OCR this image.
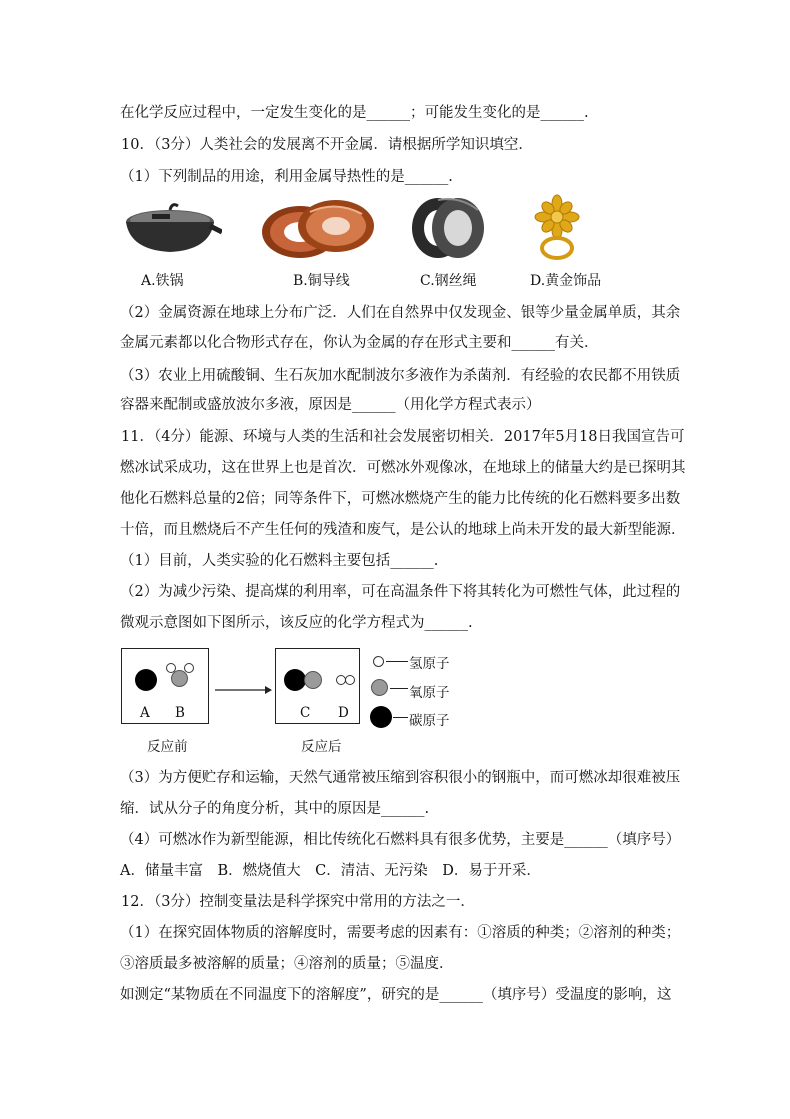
在化学反应过程中，一定发生变化的是______；可能发生变化的是______.
10．（3分）人类社会的发展离不开金属．请根据所学知识填空．
（1）下列制品的用途，利用金属导热性的是______.
A.铁锅	B.铜导线	C.钢丝绳	D.黄金饰品
（2）金属资源在地球上分布广泛．人们在自然界中仅发现金、银等少量金属单质，其余
金属元素都以化合物形式存在，你认为金属的存在形式主要和______有关．
（3）农业上用硫酸铜、生石灰加水配制波尔多液作为杀菌剂．有经验的农民都不用铁质
容器来配制或盛放波尔多液，原因是______（用化学方程式表示）
11．（4分）能源、环境与人类的生活和社会发展密切相关．2017年5月18日我国宣告可
燃冰试采成功，这在世界上也是首次．可燃冰外观像冰，在地球上的储量大约是已探明其
他化石燃料总量的2倍；同等条件下，可燃冰燃烧产生的能力比传统的化石燃料要多出数
十倍，而且燃烧后不产生任何的残渣和废气，是公认的地球上尚未开发的最大新型能源．
（1）目前，人类实验的化石燃料主要包括______.
（2）为减少污染、提高煤的利用率，可在高温条件下将其转化为可燃性气体，此过程的
微观示意图如下图所示，该反应的化学方程式为______.
A B	C D
反应前	反应后
氢原子
氧原子
碳原子
（3）为方便贮存和运输，天然气通常被压缩到容积很小的钢瓶中，而可燃冰却很难被压
缩．试从分子的角度分析，其中的原因是______.
（4）可燃冰作为新型能源，相比传统化石燃料具有很多优势，主要是______（填序号）
A．储量丰富　B．燃烧值大　C．清洁、无污染　D．易于开采．
12．（3分）控制变量法是科学探究中常用的方法之一．
（1）在探究固体物质的溶解度时，需要考虑的因素有：①溶质的种类；②溶剂的种类；
③溶质最多被溶解的质量；④溶剂的质量；⑤温度．
如测定“某物质在不同温度下的溶解度”，研究的是______（填序号）受温度的影响，这
